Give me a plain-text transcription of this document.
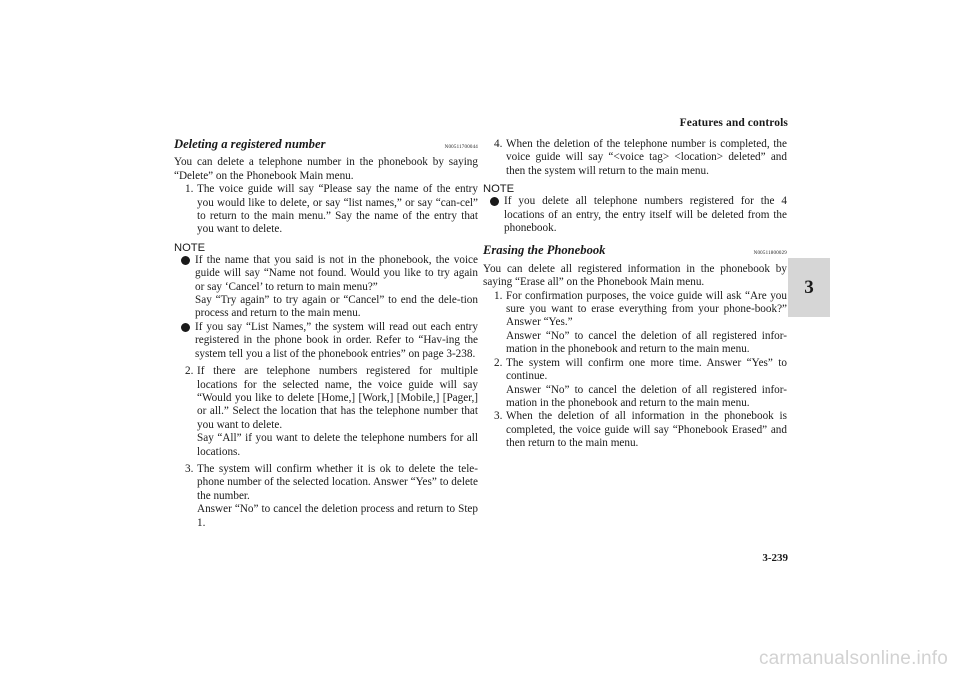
Features and controls
3
Deleting a registered number	N00511700044

You can delete a telephone number in the phonebook by saying “Delete” on the Phonebook Main menu.

1. The voice guide will say “Please say the name of the entry you would like to delete, or say “list names,” or say “can-cel” to return to the main menu.” Say the name of the entry that you want to delete.

NOTE

If the name that you said is not in the phonebook, the voice guide will say “Name not found. Would you like to try again or say ‘Cancel’ to return to main menu?”

Say “Try again” to try again or “Cancel” to end the dele-tion process and return to the main menu.

If you say “List Names,” the system will read out each entry registered in the phone book in order. Refer to “Hav-ing the system tell you a list of the phonebook entries” on page 3-238.

2. If there are telephone numbers registered for multiple locations for the selected name, the voice guide will say “Would you like to delete [Home,] [Work,] [Mobile,] [Pager,] or all.” Select the location that has the telephone number that you want to delete.

Say “All” if you want to delete the telephone numbers for all locations.

3. The system will confirm whether it is ok to delete the tele-phone number of the selected location. Answer “Yes” to delete the number.

Answer “No” to cancel the deletion process and return to Step 1.

4. When the deletion of the telephone number is completed, the voice guide will say “<voice tag> <location> deleted” and then the system will return to the main menu.

NOTE

If you delete all telephone numbers registered for the 4 locations of an entry, the entry itself will be deleted from the phonebook.

Erasing the Phonebook	N00511800029

You can delete all registered information in the phonebook by saying “Erase all” on the Phonebook Main menu.

1. For confirmation purposes, the voice guide will ask “Are you sure you want to erase everything from your phone-book?” Answer “Yes.”

Answer “No” to cancel the deletion of all registered infor-mation in the phonebook and return to the main menu.

2. The system will confirm one more time. Answer “Yes” to continue.

Answer “No” to cancel the deletion of all registered infor-mation in the phonebook and return to the main menu.

3. When the deletion of all information in the phonebook is completed, the voice guide will say “Phonebook Erased” and then return to the main menu.
3-239
carmanualsonline.info
